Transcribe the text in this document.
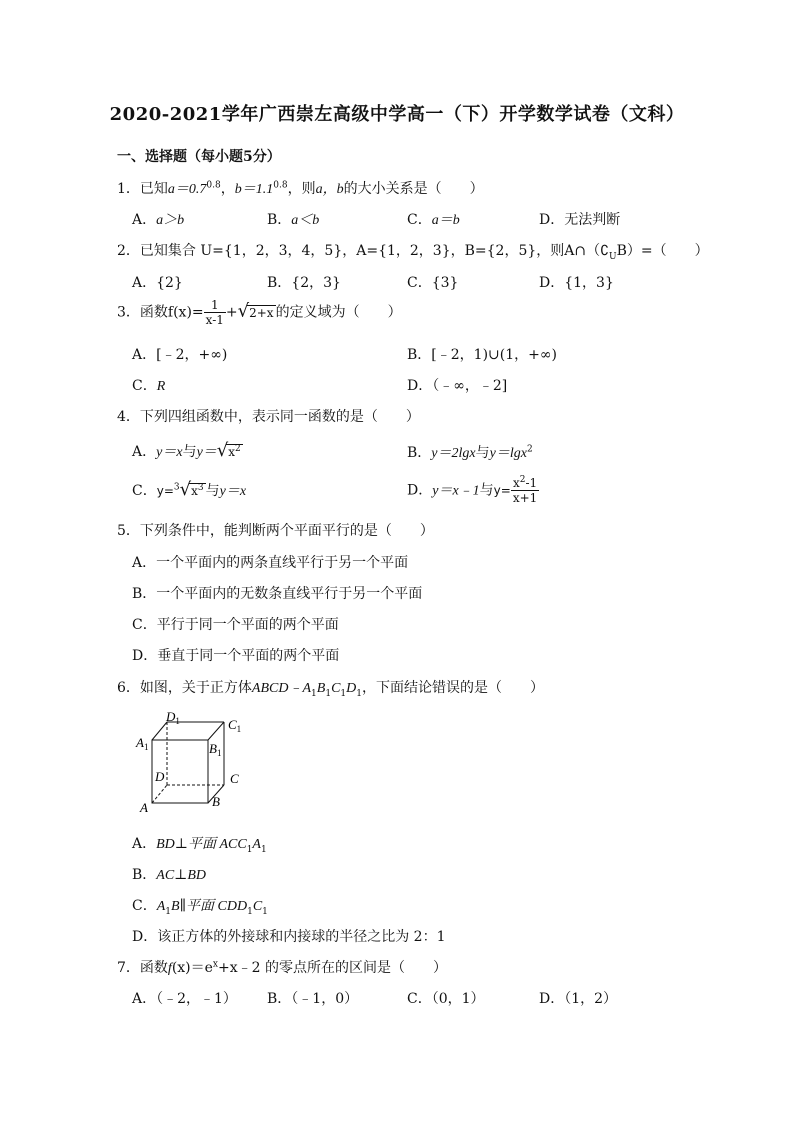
2020-2021学年广西崇左高级中学高一（下）开学数学试卷（文科）
一、选择题（每小题5分）
1．已知$a=0.7^{0.8}$，$b=1.1^{0.8}$，则a，b的大小关系是（　　）
A．a＞b	B．a＜b	C．a＝b	D．无法判断
2．已知集合 U={1，2，3，4，5}，A={1，2，3}，B={2，5}，则$A\cap(∁_UB)=$（　　）
A．{2}	B．{2，3}	C．{3}	D．{1，3}
3．函数$f(x)= \frac{1}{x-1} +√2+x$ 的定义域为（　　）
A．[﹣2，+∞)	B．[﹣2，1)∪(1，+∞)
C．R	D．（﹣∞，﹣2]
4．下列四组函数中，表示同一函数的是（　　）
A．y＝x与$y=√x^2$	B．y＝2lgx与y＝lgx$^2$
C．$y=^3√x^3$ 与y＝x	D．y＝x﹣1与$y= \frac{x^2-1}{x+1}$
5．下列条件中，能判断两个平面平行的是（　　）
A．一个平面内的两条直线平行于另一个平面
B．一个平面内的无数条直线平行于另一个平面
C．平行于同一个平面的两个平面
D．垂直于同一个平面的两个平面
6．如图，关于正方体$ABCD﹣A_1B_1C_1D_1$，下面结论错误的是（　　）
$D_1$	$C_1$
$A_1$	$B_1$
D	C
A	B
A．BD⊥平面 $ACC_1A_1$
B．AC⊥BD
C．$A_1B\parallel$平面 $CDD_1C_1$
D．该正方体的外接球和内接球的半径之比为 2：1
7．函数$f(x)=e^x+x﹣2$ 的零点所在的区间是（　　）
A．（﹣2，﹣1） B．（﹣1，0）	C．（0，1）	D．（1，2）
